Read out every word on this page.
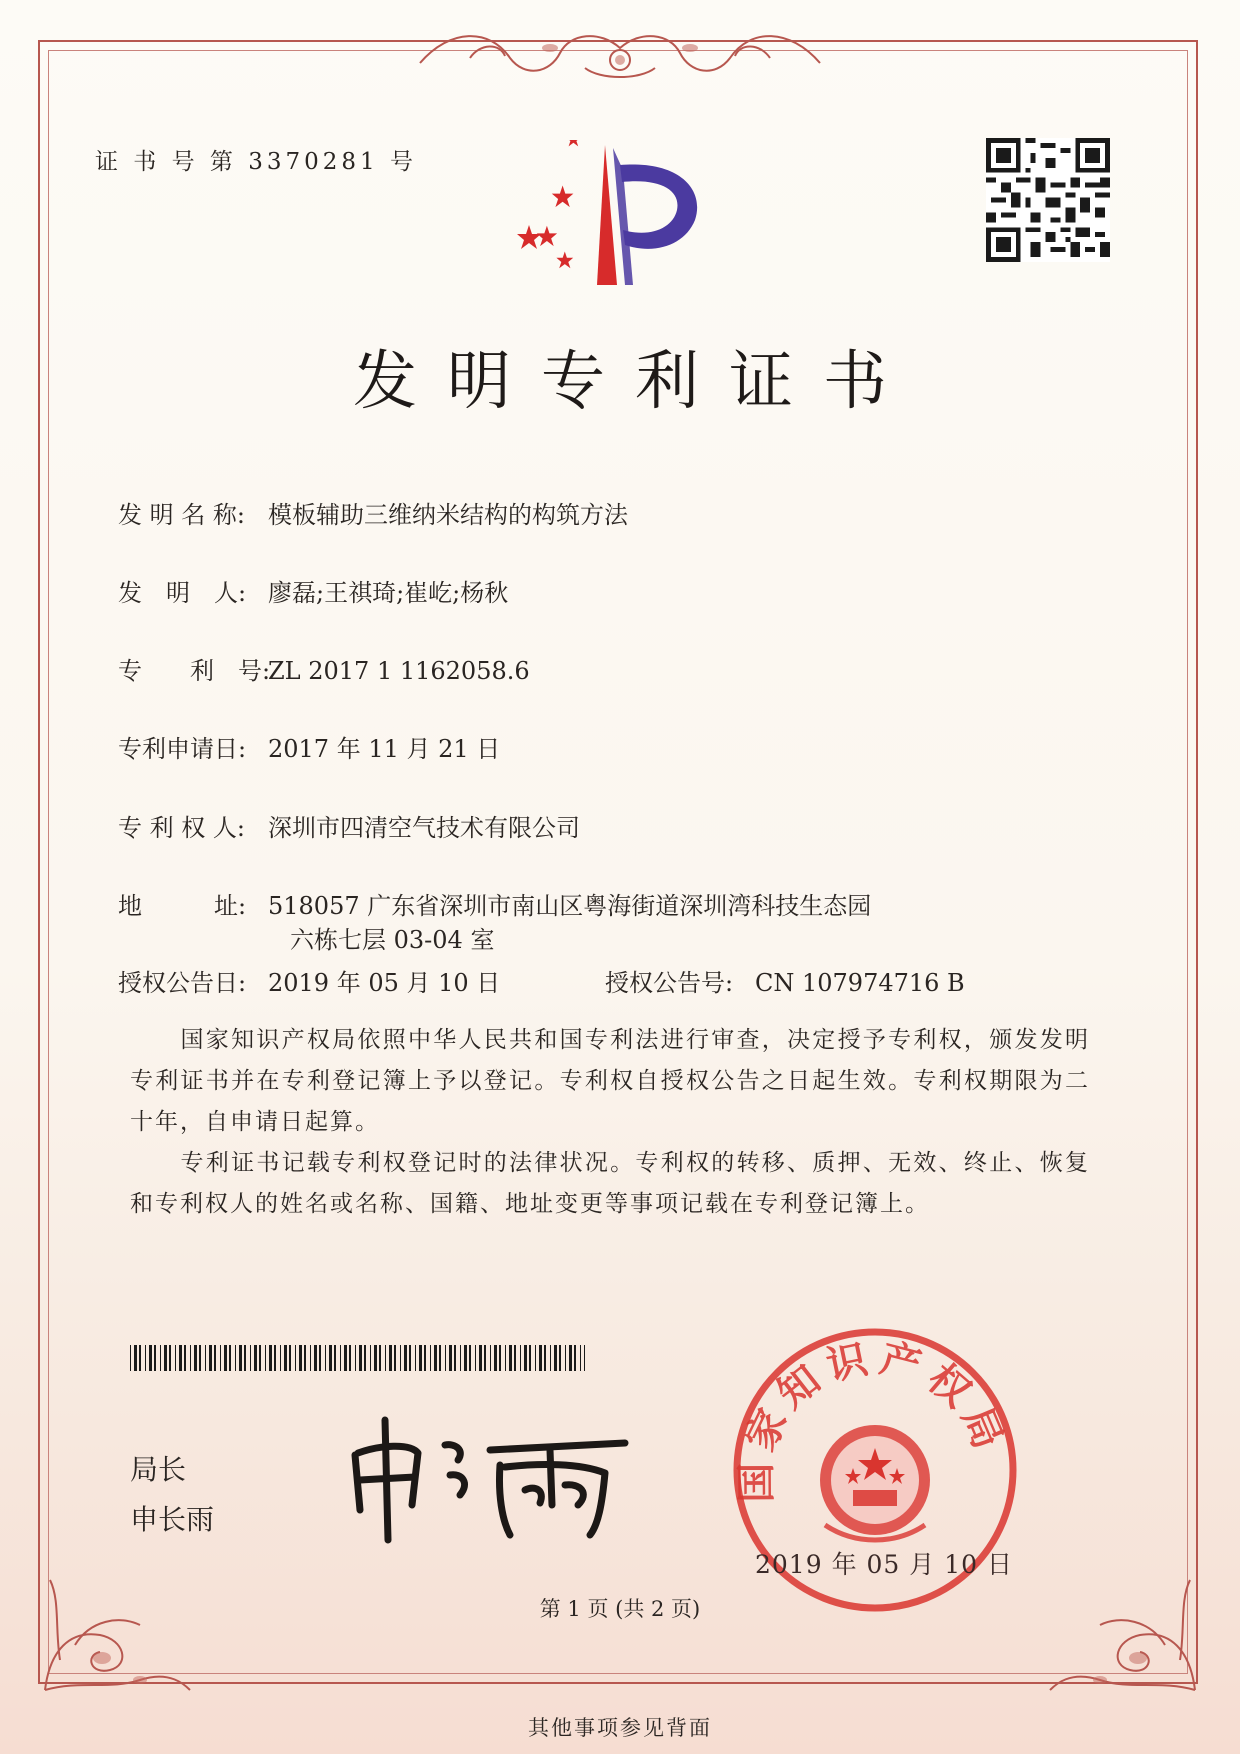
证 书 号 第 3370281 号
发明专利证书
发 明 名 称: 模板辅助三维纳米结构的构筑方法
发　明　人: 廖磊;王祺琦;崔屹;杨秋
专　　利　号:ZL 2017 1 1162058.6
专利申请日: 2017 年 11 月 21 日
专 利 权 人: 深圳市四清空气技术有限公司
地　　　址: 518057 广东省深圳市南山区粤海街道深圳湾科技生态园
六栋七层 03-04 室
授权公告日: 2019 年 05 月 10 日	授权公告号: CN 107974716 B
　　国家知识产权局依照中华人民共和国专利法进行审查，决定授予专利权，颁发发明专利证书并在专利登记簿上予以登记。专利权自授权公告之日起生效。专利权期限为二十年，自申请日起算。
　　专利证书记载专利权登记时的法律状况。专利权的转移、质押、无效、终止、恢复和专利权人的姓名或名称、国籍、地址变更等事项记载在专利登记簿上。
局长
申长雨
国家知识产权局
2019 年 05 月 10 日
第 1 页 (共 2 页)
其他事项参见背面
